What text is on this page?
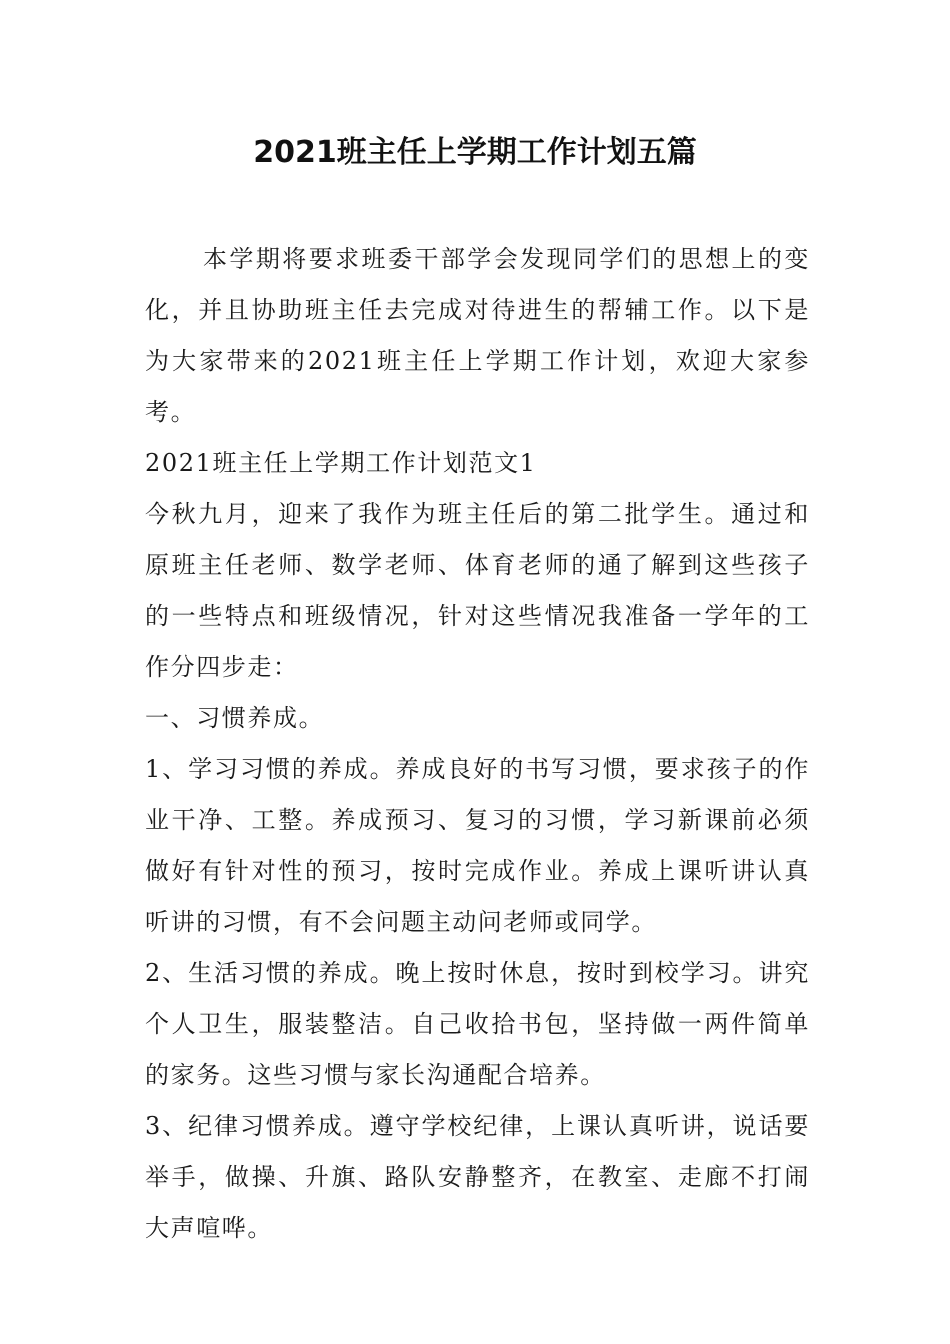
2021班主任上学期工作计划五篇

本学期将要求班委干部学会发现同学们的思想上的变化，并且协助班主任去完成对待进生的帮辅工作。以下是为大家带来的2021班主任上学期工作计划，欢迎大家参考。

2021班主任上学期工作计划范文1

今秋九月，迎来了我作为班主任后的第二批学生。通过和原班主任老师、数学老师、体育老师的通了解到这些孩子的一些特点和班级情况，针对这些情况我准备一学年的工作分四步走：

一、习惯养成。

1、学习习惯的养成。养成良好的书写习惯，要求孩子的作业干净、工整。养成预习、复习的习惯，学习新课前必须做好有针对性的预习，按时完成作业。养成上课听讲认真听讲的习惯，有不会问题主动问老师或同学。

2、生活习惯的养成。晚上按时休息，按时到校学习。讲究个人卫生，服装整洁。自己收拾书包，坚持做一两件简单的家务。这些习惯与家长沟通配合培养。

3、纪律习惯养成。遵守学校纪律，上课认真听讲，说话要举手，做操、升旗、路队安静整齐，在教室、走廊不打闹大声喧哗。
